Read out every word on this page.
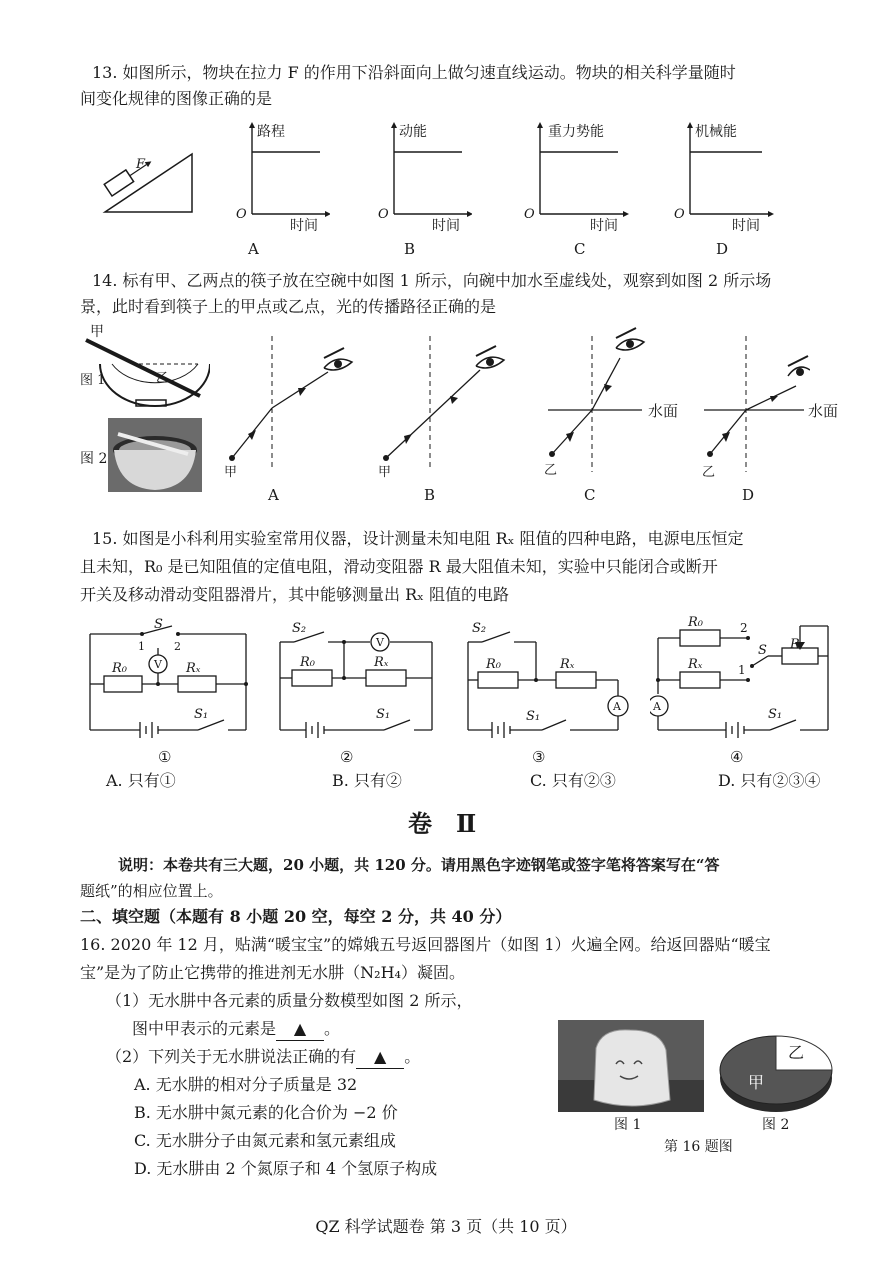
13. 如图所示，物块在拉力 F 的作用下沿斜面向上做匀速直线运动。物块的相关科学量随时
间变化规律的图像正确的是
F
路程
O
时间
A
动能
O
时间
B
重力势能
O
时间
C
机械能
O
时间
D
14. 标有甲、乙两点的筷子放在空碗中如图 1 所示，向碗中加水至虚线处，观察到如图 2 所示场
景，此时看到筷子上的甲点或乙点，光的传播路径正确的是
甲
乙
图 1
图 2
甲
A
甲
B
乙
水面
C
乙
水面
D
15. 如图是小科利用实验室常用仪器，设计测量未知电阻 Rₓ 阻值的四种电路，电源电压恒定
且未知，R₀ 是已知阻值的定值电阻，滑动变阻器 R 最大阻值未知，实验中只能闭合或断开
开关及移动滑动变阻器滑片，其中能够测量出 Rₓ 阻值的电路
S
1	2
V
R₀	Rₓ
S₁
①
S₂
V
R₀	Rₓ
S₁
②
S₂
R₀	Rₓ
A
S₁
③
R₀	2
S R
Rₓ	1
A
S₁
④
A. 只有①	B. 只有②	C. 只有②③	D. 只有②③④
卷　Ⅱ
说明：本卷共有三大题，20 小题，共 120 分。请用黑色字迹钢笔或签字笔将答案写在“答
题纸”的相应位置上。
二、填空题（本题有 8 小题 20 空，每空 2 分，共 40 分）
16. 2020 年 12 月，贴满“暖宝宝”的嫦娥五号返回器图片（如图 1）火遍全网。给返回器贴“暖宝
宝”是为了防止它携带的推进剂无水肼（N₂H₄）凝固。
（1）无水肼中各元素的质量分数模型如图 2 所示，
图中甲表示的元素是 ▲ 。
（2）下列关于无水肼说法正确的有 ▲ 。
A. 无水肼的相对分子质量是 32
B. 无水肼中氮元素的化合价为 −2 价
C. 无水肼分子由氮元素和氢元素组成
D. 无水肼由 2 个氮原子和 4 个氢原子构成
图 1
乙
甲
图 2
第 16 题图
QZ 科学试题卷 第 3 页（共 10 页）
